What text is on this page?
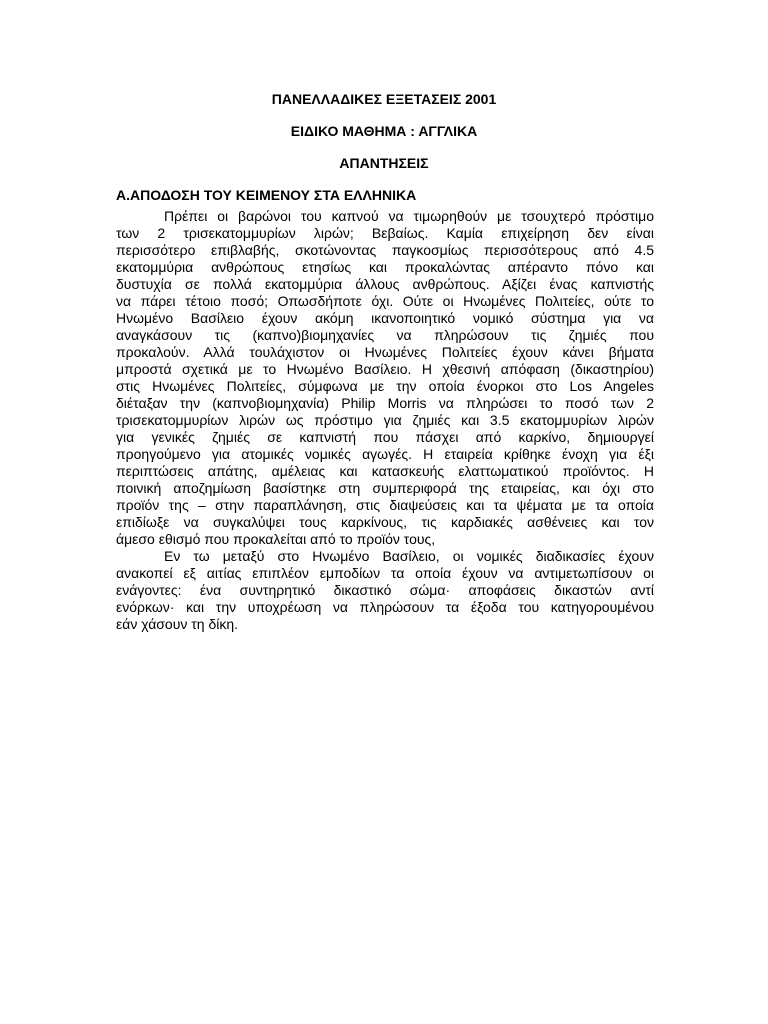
ΠΑΝΕΛΛΑΔΙΚΕΣ ΕΞΕΤΑΣΕΙΣ 2001
ΕΙΔΙΚΟ ΜΑΘΗΜΑ : ΑΓΓΛΙΚΑ
ΑΠΑΝΤΗΣΕΙΣ
Α.ΑΠΟΔΟΣΗ ΤΟΥ ΚΕΙΜΕΝΟΥ ΣΤΑ ΕΛΛΗΝΙΚΑ
Πρέπει οι βαρώνοι του καπνού να τιμωρηθούν με τσουχτερό πρόστιμο
των 2 τρισεκατομμυρίων λιρών; Βεβαίως. Καμία επιχείρηση δεν είναι
περισσότερο επιβλαβής, σκοτώνοντας παγκοσμίως περισσότερους από 4.5
εκατομμύρια ανθρώπους ετησίως και προκαλώντας απέραντο πόνο και
δυστυχία σε πολλά εκατομμύρια άλλους ανθρώπους. Αξίζει ένας καπνιστής
να πάρει τέτοιο ποσό; Οπωσδήποτε όχι. Ούτε οι Ηνωμένες Πολιτείες, ούτε το
Ηνωμένο Βασίλειο έχουν ακόμη ικανοποιητικό νομικό σύστημα για να
αναγκάσουν τις (καπνο)βιομηχανίες να πληρώσουν τις ζημιές που
προκαλούν. Αλλά τουλάχιστον οι Ηνωμένες Πολιτείες έχουν κάνει βήματα
μπροστά σχετικά με το Ηνωμένο Βασίλειο. Η χθεσινή απόφαση (δικαστηρίου)
στις Ηνωμένες Πολιτείες, σύμφωνα με την οποία ένορκοι στο Los Angeles
διέταξαν την (καπνοβιομηχανία) Philip Morris να πληρώσει το ποσό των 2
τρισεκατομμυρίων λιρών ως πρόστιμο για ζημιές και 3.5 εκατομμυρίων λιρών
για γενικές ζημιές σε καπνιστή που πάσχει από καρκίνο, δημιουργεί
προηγούμενο για ατομικές νομικές αγωγές. Η εταιρεία κρίθηκε ένοχη για έξι
περιπτώσεις απάτης, αμέλειας και κατασκευής ελαττωματικού προϊόντος. Η
ποινική αποζημίωση βασίστηκε στη συμπεριφορά της εταιρείας, και όχι στο
προϊόν της – στην παραπλάνηση, στις διαψεύσεις και τα ψέματα με τα οποία
επιδίωξε να συγκαλύψει τους καρκίνους, τις καρδιακές ασθένειες και τον
άμεσο εθισμό που προκαλείται από το προϊόν τους,
Εν τω μεταξύ στο Ηνωμένο Βασίλειο, οι νομικές διαδικασίες έχουν
ανακοπεί εξ αιτίας επιπλέον εμποδίων τα οποία έχουν να αντιμετωπίσουν οι
ενάγοντες: ένα συντηρητικό δικαστικό σώμα· αποφάσεις δικαστών αντί
ενόρκων· και την υποχρέωση να πληρώσουν τα έξοδα του κατηγορουμένου
εάν χάσουν τη δίκη.
